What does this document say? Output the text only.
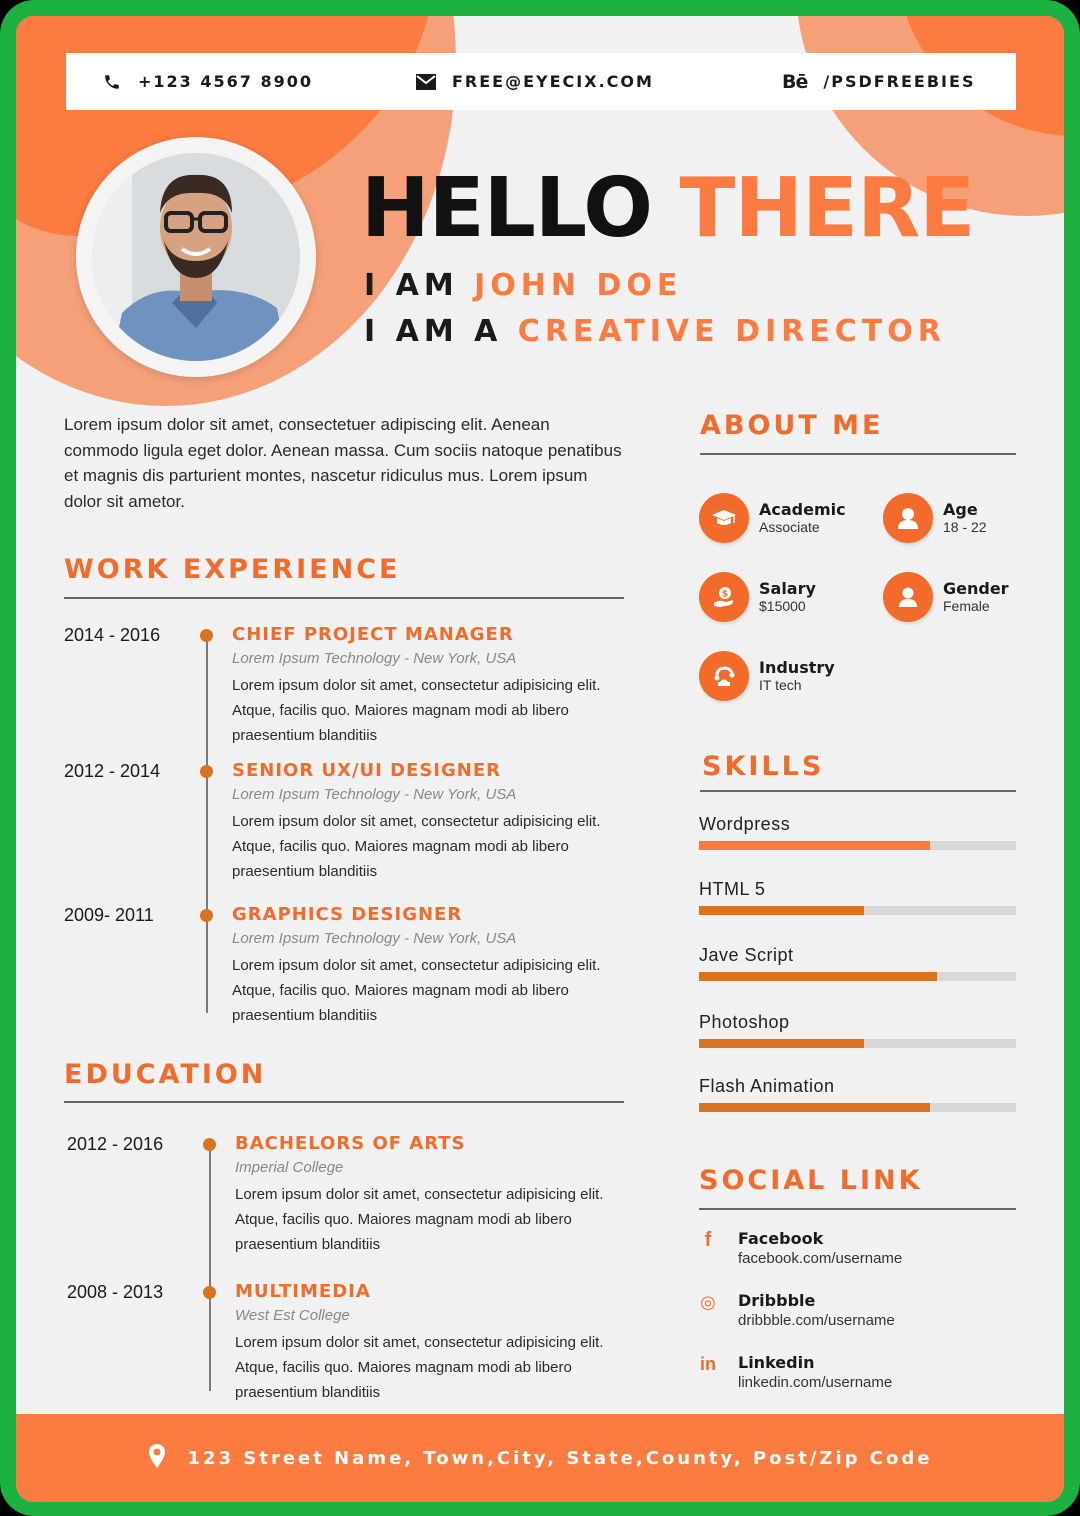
+123 4567 8900	FREE@EYECIX.COM	Bē /PSDFREEBIES
HELLO THERE
I AM JOHN DOE
I AM A CREATIVE DIRECTOR

Lorem ipsum dolor sit amet, consectetuer adipiscing elit. Aenean commodo ligula eget dolor. Aenean massa. Cum sociis natoque penatibus et magnis dis parturient montes, nascetur ridiculus mus. Lorem ipsum dolor sit ametor.

WORK EXPERIENCE
2014 - 2016	CHIEF PROJECT MANAGER
Lorem Ipsum Technology - New York, USA

Lorem ipsum dolor sit amet, consectetur adipisicing elit. Atque, facilis quo. Maiores magnam modi ab libero praesentium blanditiis

2012 - 2014	SENIOR UX/UI DESIGNER
Lorem Ipsum Technology - New York, USA

Lorem ipsum dolor sit amet, consectetur adipisicing elit. Atque, facilis quo. Maiores magnam modi ab libero praesentium blanditiis

2009- 2011	GRAPHICS DESIGNER
Lorem Ipsum Technology - New York, USA

Lorem ipsum dolor sit amet, consectetur adipisicing elit. Atque, facilis quo. Maiores magnam modi ab libero praesentium blanditiis

EDUCATION
2012 - 2016	BACHELORS OF ARTS
Imperial College

Lorem ipsum dolor sit amet, consectetur adipisicing elit. Atque, facilis quo. Maiores magnam modi ab libero praesentium blanditiis

2008 - 2013	MULTIMEDIA
West Est College

Lorem ipsum dolor sit amet, consectetur adipisicing elit. Atque, facilis quo. Maiores magnam modi ab libero praesentium blanditiis

ABOUT ME
Academic
Associate
Age
18 - 22
$ Salary
$15000
Gender
Female
Industry
IT tech
SKILLS
Wordpress
HTML 5
Jave Script
Photoshop
Flash Animation
SOCIAL LINK
f	Facebook
facebook.com/username
◎ Dribbble
dribbble.com/username
in Linkedin
linkedin.com/username
123 Street Name, Town,City, State,County, Post/Zip Code
